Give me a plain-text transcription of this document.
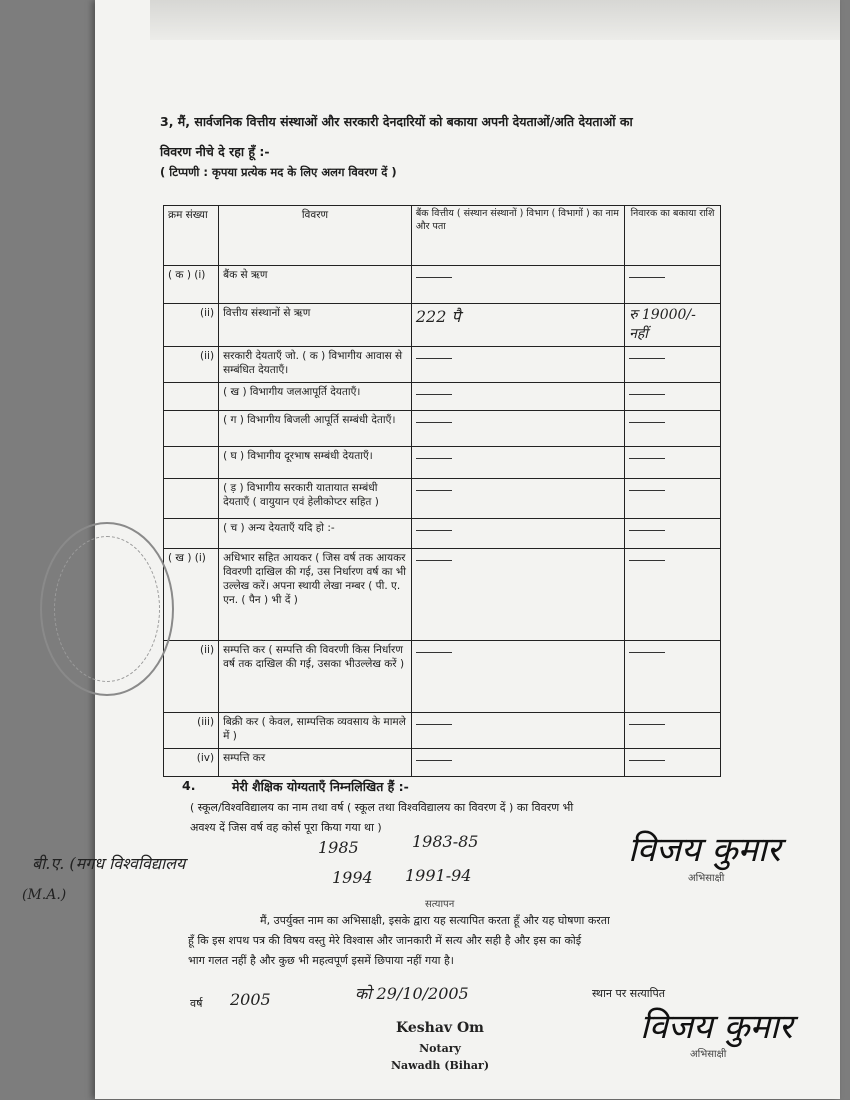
3, मैं, सार्वजनिक वित्तीय संस्थाओं और सरकारी देनदारियों को बकाया अपनी देयताओं/अति देयताओं का
विवरण नीचे दे रहा हूँ :-
( टिप्पणी : कृपया प्रत्येक मद के लिए अलग विवरण दें )
क्रम संख्या	विवरण	बैंक वित्तीय ( संस्थान संस्थानों ) विभाग ( विभागों ) का नाम और पता	निवारक का बकाया राशि
( क ) (i)	बैंक से ऋण		
(ii)	वित्तीय संस्थानों से ऋण	222 पै	रु 19000/- नहीं
(ii)	सरकारी देयताएँ जो. ( क ) विभागीय आवास से सम्बंधित देयताएँ।		
	( ख ) विभागीय जलआपूर्ति देयताएँ।		
	( ग ) विभागीय बिजली आपूर्ति सम्बंधी देताएँ।		
	( घ ) विभागीय दूरभाष सम्बंधी देयताएँ।		
	( ड़ ) विभागीय सरकारी यातायात सम्बंधी देयताएँ ( वायुयान एवं हेलीकोप्टर सहित )		
	( च ) अन्य देयताएँ यदि हो :-		
( ख ) (i)	अधिभार सहित आयकर ( जिस वर्ष तक आयकर विवरणी दाखिल की गई, उस निर्धारण वर्ष का भी उल्लेख करें। अपना स्थायी लेखा नम्बर ( पी. ए. एन. ( पैन ) भी दें )		
(ii)	सम्पत्ति कर ( सम्पत्ति की विवरणी किस निर्धारण वर्ष तक दाखिल की गई, उसका भीउल्लेख करें )		
(iii)	बिक्री कर ( केवल, साम्पत्तिक व्यवसाय के मामले में )		
(iv)	सम्पत्ति कर		
4.	मेरी शैक्षिक योग्यताएँ निम्नलिखित हैं :-
( स्कूल/विश्वविद्यालय का नाम तथा वर्ष ( स्कूल तथा विश्वविद्यालय का विवरण दें ) का विवरण भी
अवश्य दें जिस वर्ष वह कोर्स पूरा किया गया था )
बी.ए. (मगध विश्वविद्यालय
(M.A.)
1985
1994
1983-85
1991-94
विजय कुमार
अभिसाक्षी
सत्यापन
मैं, उपर्युक्त नाम का अभिसाक्षी, इसके द्वारा यह सत्यापित करता हूँ और यह घोषणा करता
हूँ कि इस शपथ पत्र की विषय वस्तु मेरे विश्वास और जानकारी में सत्य और सही है और इस का कोई
भाग गलत नहीं है और कुछ भी महत्वपूर्ण इसमें छिपाया नहीं गया है।
वर्ष 2005	को 29/10/2005	स्थान पर सत्यापित
विजय कुमार
अभिसाक्षी
Keshav Om
Notary
Nawadh (Bihar)
